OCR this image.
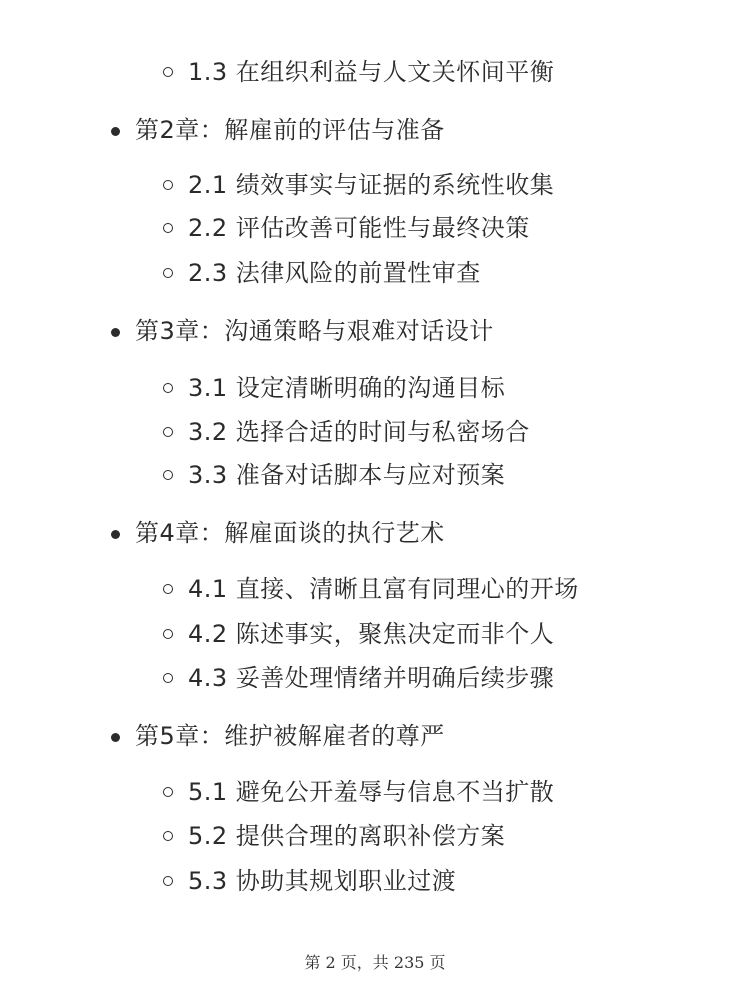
1.3 在组织利益与人文关怀间平衡
第2章：解雇前的评估与准备
2.1 绩效事实与证据的系统性收集
2.2 评估改善可能性与最终决策
2.3 法律风险的前置性审查
第3章：沟通策略与艰难对话设计
3.1 设定清晰明确的沟通目标
3.2 选择合适的时间与私密场合
3.3 准备对话脚本与应对预案
第4章：解雇面谈的执行艺术
4.1 直接、清晰且富有同理心的开场
4.2 陈述事实，聚焦决定而非个人
4.3 妥善处理情绪并明确后续步骤
第5章：维护被解雇者的尊严
5.1 避免公开羞辱与信息不当扩散
5.2 提供合理的离职补偿方案
5.3 协助其规划职业过渡
第 2 页，共 235 页
